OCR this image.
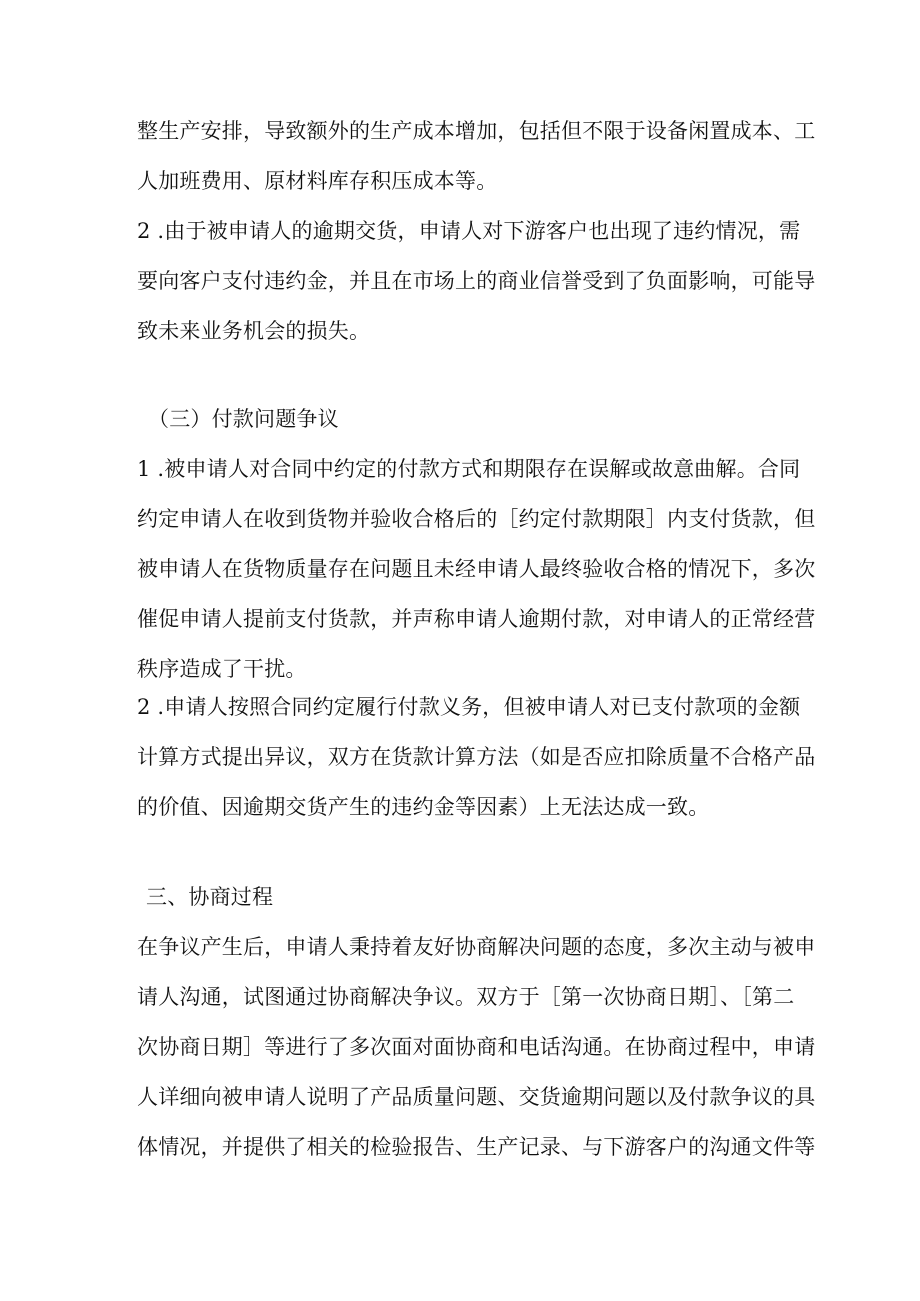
整生产安排，导致额外的生产成本增加，包括但不限于设备闲置成本、工
人加班费用、原材料库存积压成本等。
2 .由于被申请人的逾期交货，申请人对下游客户也出现了违约情况，需
要向客户支付违约金，并且在市场上的商业信誉受到了负面影响，可能导
致未来业务机会的损失。
（三）付款问题争议
1 .被申请人对合同中约定的付款方式和期限存在误解或故意曲解。合同
约定申请人在收到货物并验收合格后的［约定付款期限］内支付货款，但
被申请人在货物质量存在问题且未经申请人最终验收合格的情况下，多次
催促申请人提前支付货款，并声称申请人逾期付款，对申请人的正常经营
秩序造成了干扰。
2 .申请人按照合同约定履行付款义务，但被申请人对已支付款项的金额
计算方式提出异议，双方在货款计算方法（如是否应扣除质量不合格产品
的价值、因逾期交货产生的违约金等因素）上无法达成一致。
三、协商过程
在争议产生后，申请人秉持着友好协商解决问题的态度，多次主动与被申
请人沟通，试图通过协商解决争议。双方于［第一次协商日期］、［第二
次协商日期］等进行了多次面对面协商和电话沟通。在协商过程中，申请
人详细向被申请人说明了产品质量问题、交货逾期问题以及付款争议的具
体情况，并提供了相关的检验报告、生产记录、与下游客户的沟通文件等
